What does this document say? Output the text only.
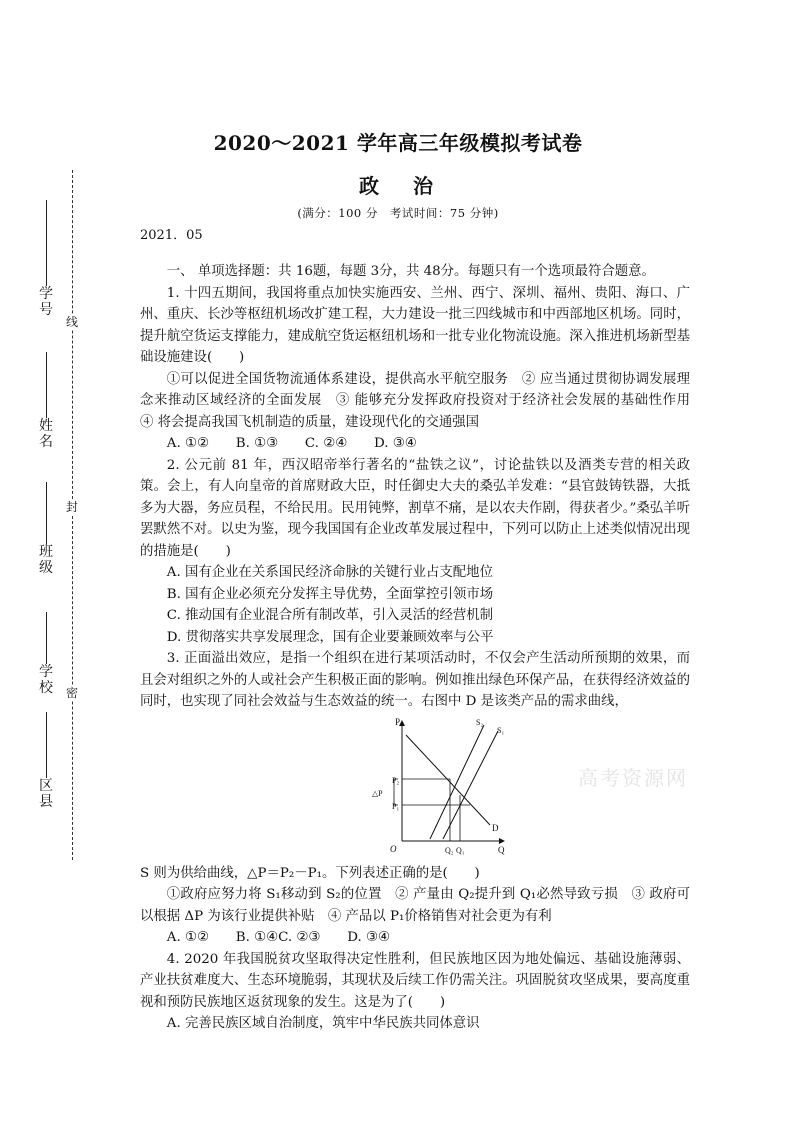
学号
姓名
班级
学校
区县
线
封
密
2020～2021 学年高三年级模拟考试卷
政治
(满分：100 分　考试时间：75 分钟)
2021．05

一、 单项选择题：共 16题，每题 3分，共 48分。每题只有一个选项最符合题意。

1. 十四五期间，我国将重点加快实施西安、兰州、西宁、深圳、福州、贵阳、海口、广州、重庆、长沙等枢纽机场改扩建工程，大力建设一批三四线城市和中西部地区机场。同时，提升航空货运支撑能力，建成航空货运枢纽机场和一批专业化物流设施。深入推进机场新型基础设施建设(　　)

①可以促进全国货物流通体系建设，提供高水平航空服务　② 应当通过贯彻协调发展理念来推动区域经济的全面发展　③ 能够充分发挥政府投资对于经济社会发展的基础性作用　④ 将会提高我国飞机制造的质量，建设现代化的交通强国

A. ①②　　B. ①③　　C. ②④　　D. ③④

2. 公元前 81 年，西汉昭帝举行著名的“盐铁之议”，讨论盐铁以及酒类专营的相关政策。会上，有人向皇帝的首席财政大臣，时任御史大夫的桑弘羊发难：“县官鼓铸铁器，大抵多为大器，务应员程，不给民用。民用钝弊，割草不痛，是以农夫作剧，得获者少。”桑弘羊听罢默然不对。以史为鉴，现今我国国有企业改革发展过程中，下列可以防止上述类似情况出现的措施是(　　)

A. 国有企业在关系国民经济命脉的关键行业占支配地位
B. 国有企业必须充分发挥主导优势，全面掌控引领市场
C. 推动国有企业混合所有制改革，引入灵活的经营机制
D. 贯彻落实共享发展理念，国有企业要兼顾效率与公平

3. 正面溢出效应，是指一个组织在进行某项活动时，不仅会产生活动所预期的效果，而且会对组织之外的人或社会产生积极正面的影响。例如推出绿色环保产品，在获得经济效益的同时，也实现了同社会效益与生态效益的统一。右图中 D 是该类产品的需求曲线，

P
Q
O
P₂
P₁
△P
Q₂ Q₁
S₂
S₁
D
高考资源网

S 则为供给曲线，△P＝P₂－P₁。下列表述正确的是(　　)

①政府应努力将 S₁移动到 S₂的位置　② 产量由 Q₂提升到 Q₁必然导致亏损　③ 政府可以根据 ΔP 为该行业提供补贴　④ 产品以 P₁价格销售对社会更为有利

A. ①②　　B. ①④C. ②③　　D. ③④

4. 2020 年我国脱贫攻坚取得决定性胜利，但民族地区因为地处偏远、基础设施薄弱、产业扶贫难度大、生态环境脆弱，其现状及后续工作仍需关注。巩固脱贫攻坚成果，要高度重视和预防民族地区返贫现象的发生。这是为了(　　)

A. 完善民族区域自治制度，筑牢中华民族共同体意识
